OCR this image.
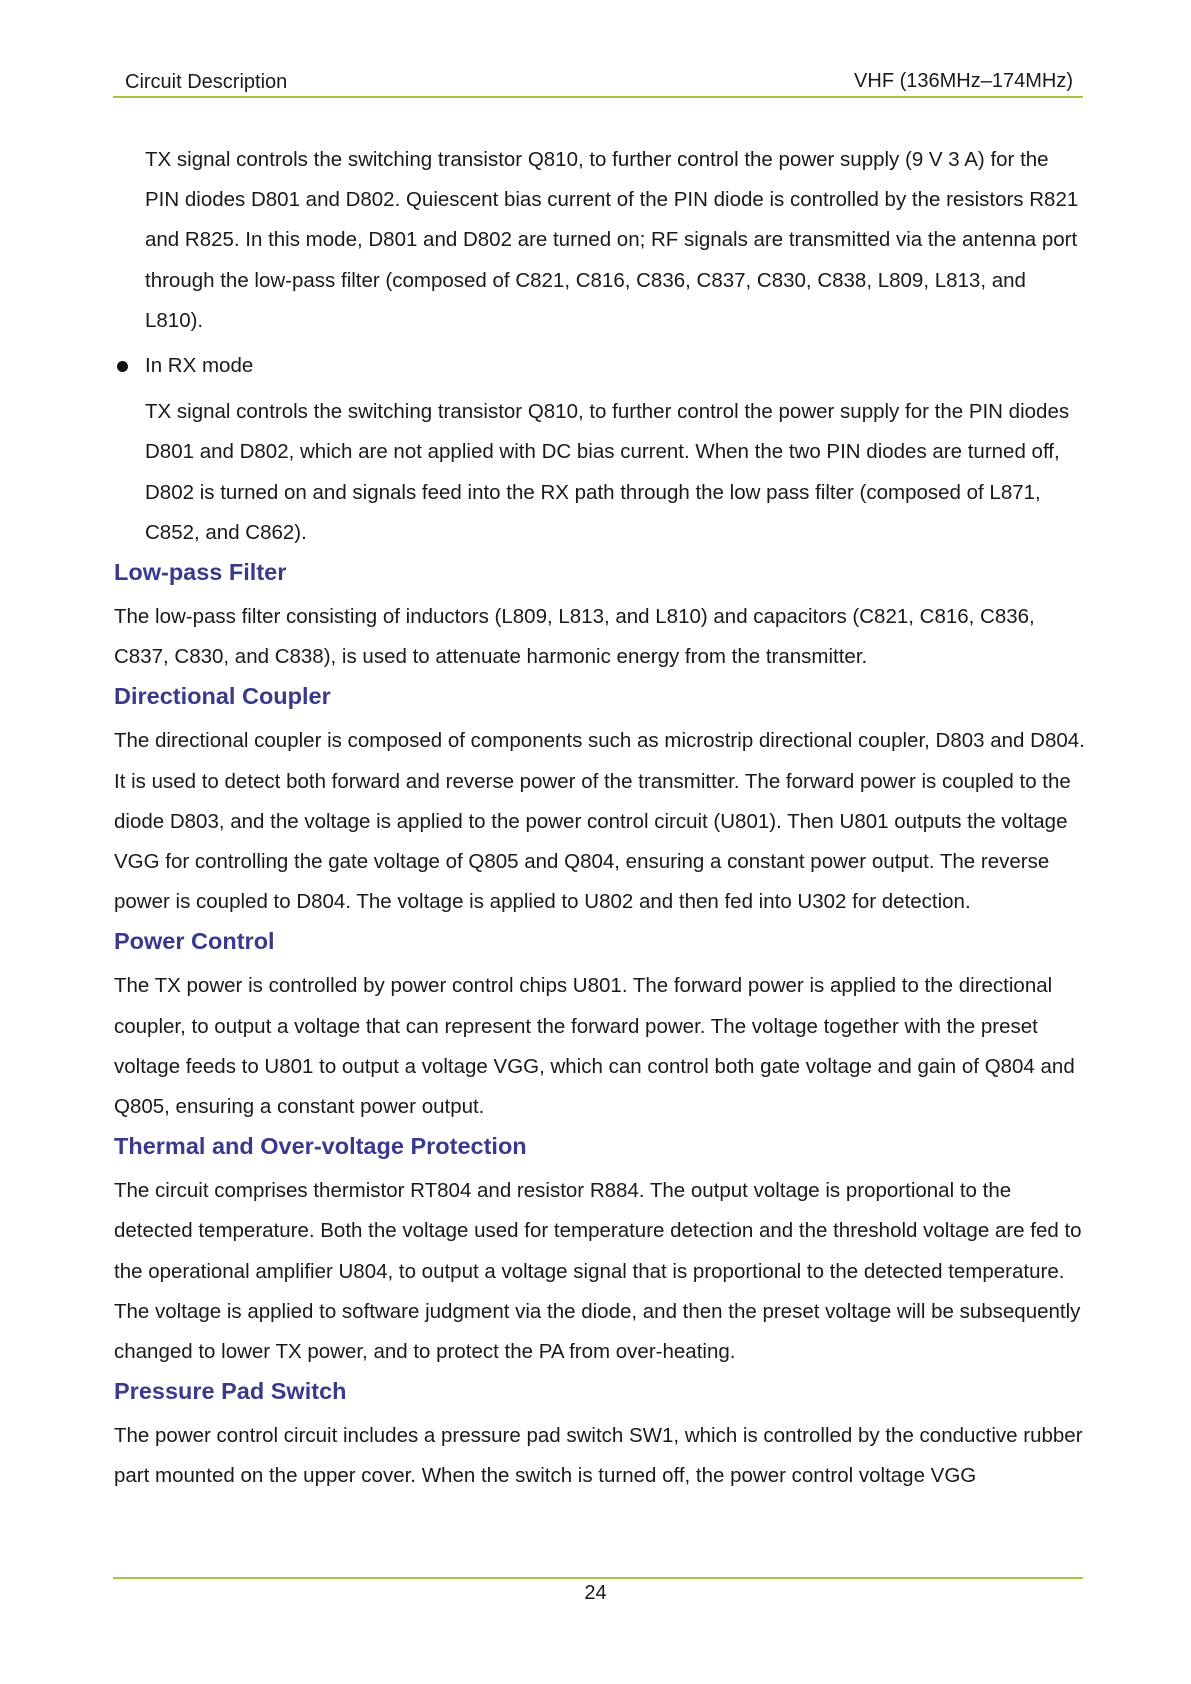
Circuit Description	VHF (136MHz–174MHz)

TX signal controls the switching transistor Q810, to further control the power supply (9 V 3 A) for the PIN diodes D801 and D802. Quiescent bias current of the PIN diode is controlled by the resistors R821 and R825. In this mode, D801 and D802 are turned on; RF signals are transmitted via the antenna port through the low-pass filter (composed of C821, C816, C836, C837, C830, C838, L809, L813, and L810).

In RX mode

TX signal controls the switching transistor Q810, to further control the power supply for the PIN diodes D801 and D802, which are not applied with DC bias current. When the two PIN diodes are turned off, D802 is turned on and signals feed into the RX path through the low pass filter (composed of L871, C852, and C862).

Low-pass Filter

The low-pass filter consisting of inductors (L809, L813, and L810) and capacitors (C821, C816, C836, C837, C830, and C838), is used to attenuate harmonic energy from the transmitter.

Directional Coupler

The directional coupler is composed of components such as microstrip directional coupler, D803 and D804. It is used to detect both forward and reverse power of the transmitter. The forward power is coupled to the diode D803, and the voltage is applied to the power control circuit (U801). Then U801 outputs the voltage VGG for controlling the gate voltage of Q805 and Q804, ensuring a constant power output. The reverse power is coupled to D804. The voltage is applied to U802 and then fed into U302 for detection.

Power Control

The TX power is controlled by power control chips U801. The forward power is applied to the directional coupler, to output a voltage that can represent the forward power. The voltage together with the preset voltage feeds to U801 to output a voltage VGG, which can control both gate voltage and gain of Q804 and Q805, ensuring a constant power output.

Thermal and Over-voltage Protection

The circuit comprises thermistor RT804 and resistor R884. The output voltage is proportional to the detected temperature. Both the voltage used for temperature detection and the threshold voltage are fed to the operational amplifier U804, to output a voltage signal that is proportional to the detected temperature. The voltage is applied to software judgment via the diode, and then the preset voltage will be subsequently changed to lower TX power, and to protect the PA from over-heating.

Pressure Pad Switch

The power control circuit includes a pressure pad switch SW1, which is controlled by the conductive rubber part mounted on the upper cover. When the switch is turned off, the power control voltage VGG

24
